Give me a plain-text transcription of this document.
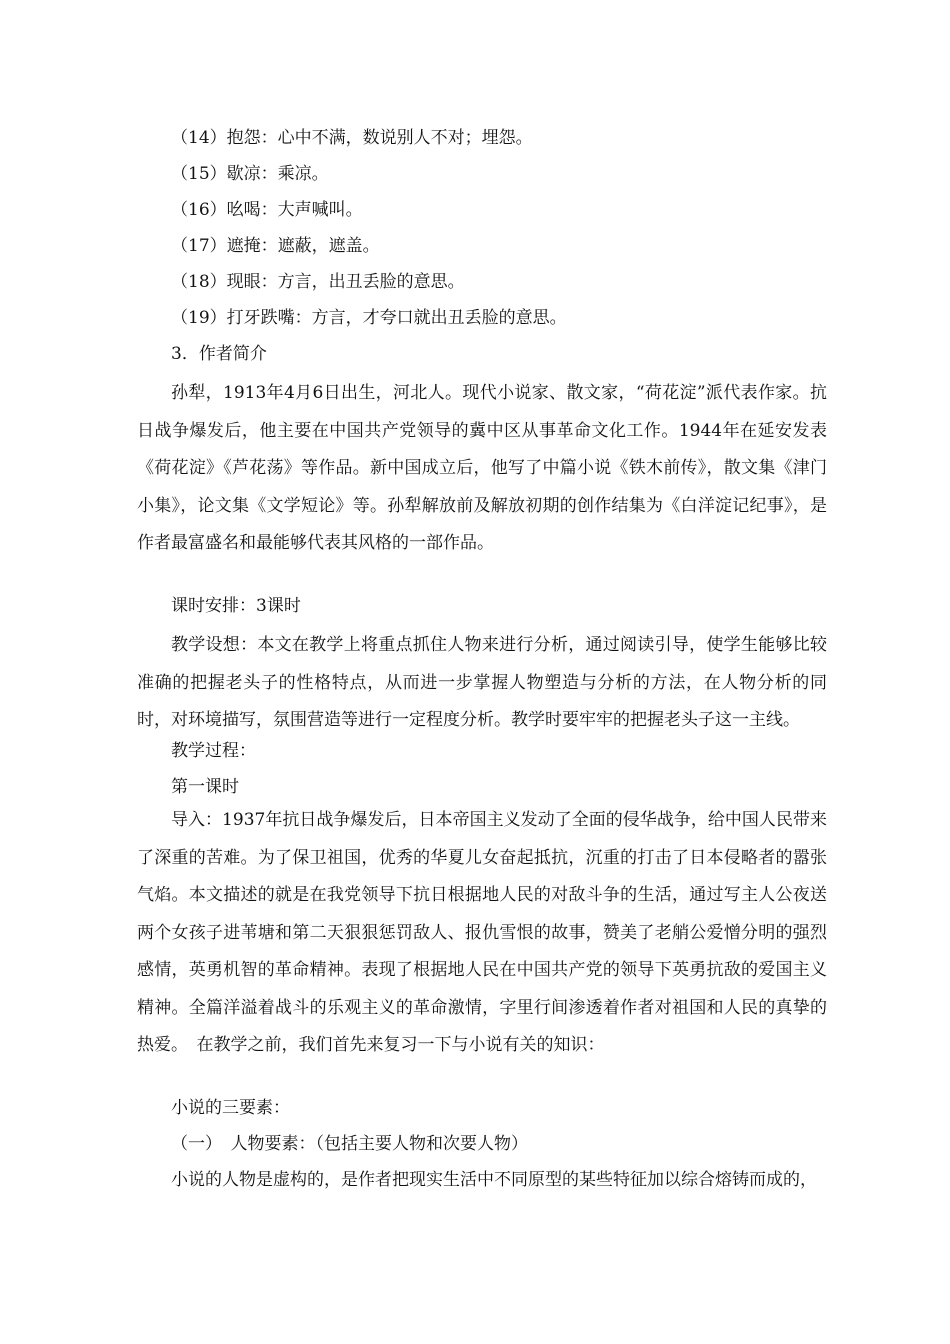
（14）抱怨：心中不满，数说别人不对；埋怨。

（15）歇凉：乘凉。

（16）吆喝：大声喊叫。

（17）遮掩：遮蔽，遮盖。

（18）现眼：方言，出丑丢脸的意思。

（19）打牙跌嘴：方言，才夸口就出丑丢脸的意思。

3．作者简介

孙犁，1913年4月6日出生，河北人。现代小说家、散文家，“荷花淀”派代表作家。抗日战争爆发后，他主要在中国共产党领导的冀中区从事革命文化工作。1944年在延安发表《荷花淀》《芦花荡》等作品。新中国成立后，他写了中篇小说《铁木前传》，散文集《津门小集》，论文集《文学短论》等。孙犁解放前及解放初期的创作结集为《白洋淀记纪事》，是作者最富盛名和最能够代表其风格的一部作品。

课时安排：3课时

教学设想：本文在教学上将重点抓住人物来进行分析，通过阅读引导，使学生能够比较准确的把握老头子的性格特点，从而进一步掌握人物塑造与分析的方法，在人物分析的同时，对环境描写，氛围营造等进行一定程度分析。教学时要牢牢的把握老头子这一主线。

教学过程：

第一课时

导入：1937年抗日战争爆发后，日本帝国主义发动了全面的侵华战争，给中国人民带来了深重的苦难。为了保卫祖国，优秀的华夏儿女奋起抵抗，沉重的打击了日本侵略者的嚣张气焰。本文描述的就是在我党领导下抗日根据地人民的对敌斗争的生活，通过写主人公夜送两个女孩子进苇塘和第二天狠狠惩罚敌人、报仇雪恨的故事，赞美了老艄公爱憎分明的强烈感情，英勇机智的革命精神。表现了根据地人民在中国共产党的领导下英勇抗敌的爱国主义精神。全篇洋溢着战斗的乐观主义的革命激情，字里行间渗透着作者对祖国和人民的真挚的热爱。　在教学之前，我们首先来复习一下与小说有关的知识：

小说的三要素：

（一）　人物要素：（包括主要人物和次要人物）

小说的人物是虚构的，是作者把现实生活中不同原型的某些特征加以综合熔铸而成的，
